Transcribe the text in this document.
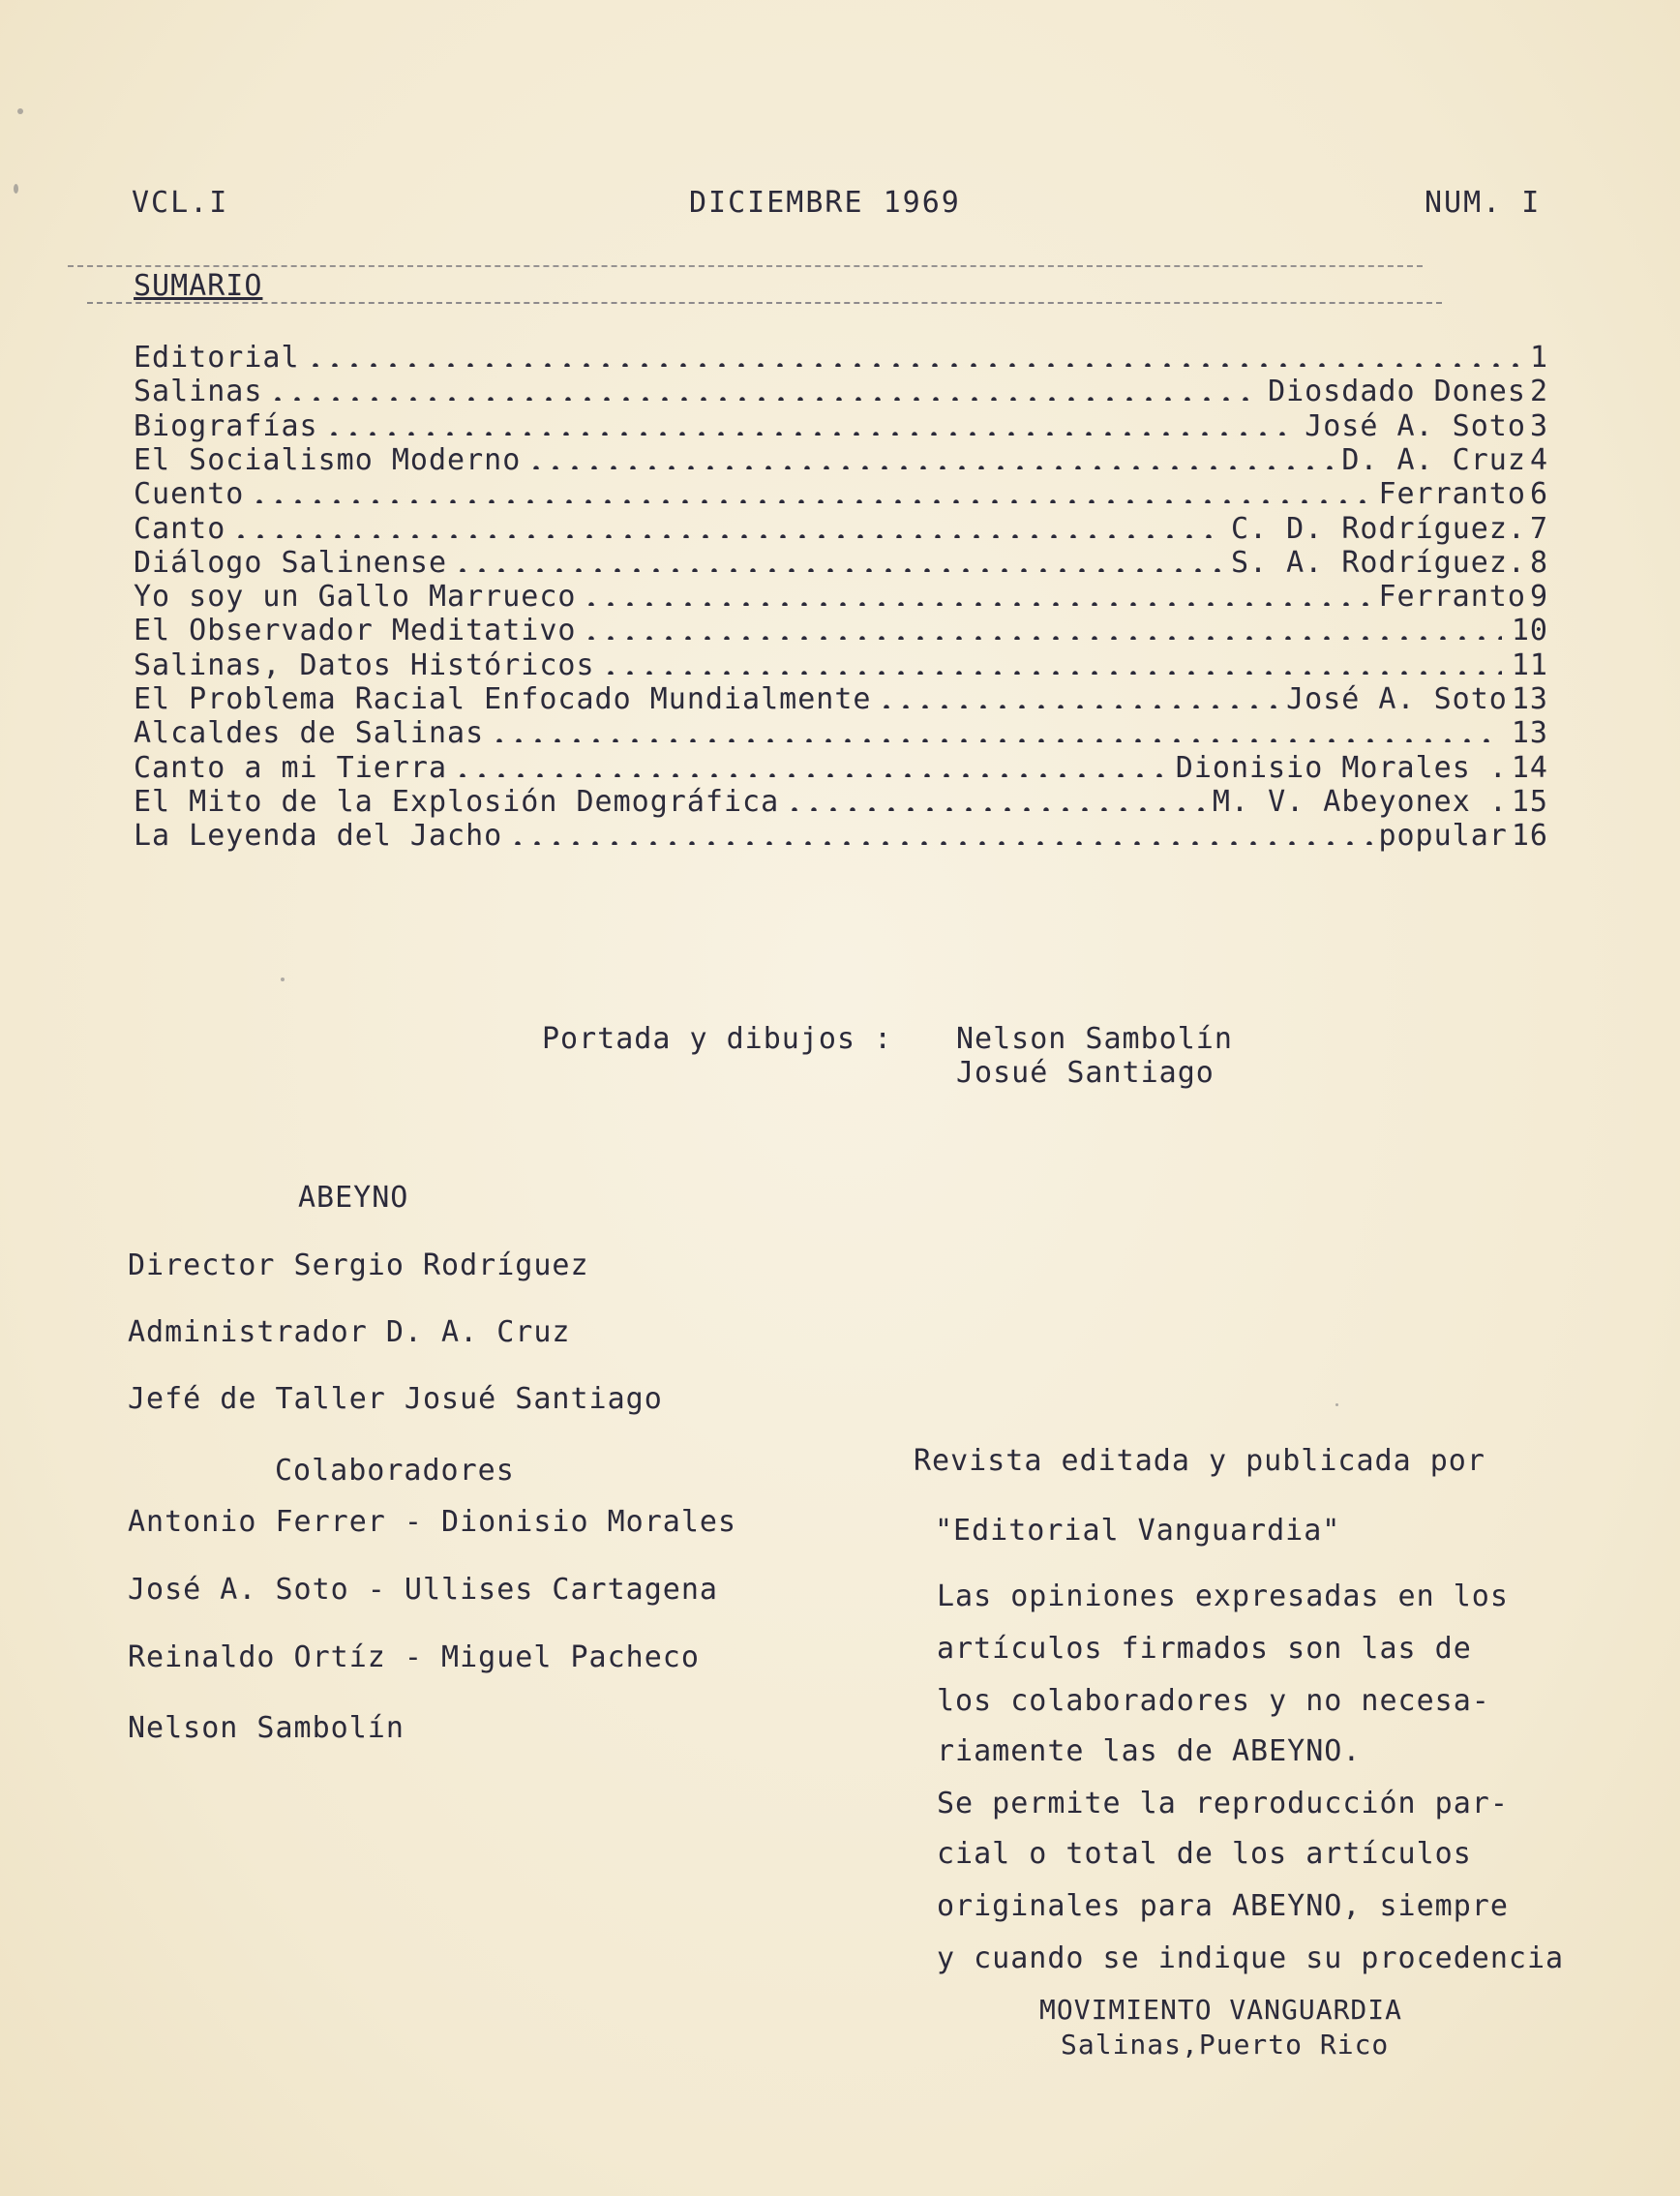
VCL.I	DICIEMBRE 1969	NUM. I
SUMARIO
Editorial	1
Salinas	Diosdado Dones 2
Biografías	José A. Soto 3
El Socialismo Moderno	D. A. Cruz 4
Cuento	Ferranto 6
Canto	C. D. Rodríguez. 7
Diálogo Salinense	S. A. Rodríguez. 8
Yo soy un Gallo Marrueco	Ferranto 9
El Observador Meditativo	10
Salinas, Datos Históricos	11
El Problema Racial Enfocado Mundialmente	José A. Soto 13
Alcaldes de Salinas	13
Canto a mi Tierra	Dionisio Morales . 14
El Mito de la Explosión Demográfica	M. V. Abeyonex . 15
La Leyenda del Jacho	popular 16
Portada y dibujos : Nelson Sambolín
Josué Santiago
ABEYNO
Director Sergio Rodríguez
Administrador D. A. Cruz
Jefé de Taller Josué Santiago
Colaboradores
Antonio Ferrer - Dionisio Morales
José A. Soto - Ullises Cartagena
Reinaldo Ortíz - Miguel Pacheco
Nelson Sambolín
Revista editada y publicada por
"Editorial Vanguardia"
Las opiniones expresadas en los
artículos firmados son las de
los colaboradores y no necesa-
riamente las de ABEYNO.
Se permite la reproducción par-
cial o total de los artículos
originales para ABEYNO, siempre
y cuando se indique su procedencia
MOVIMIENTO VANGUARDIA
Salinas,Puerto Rico
